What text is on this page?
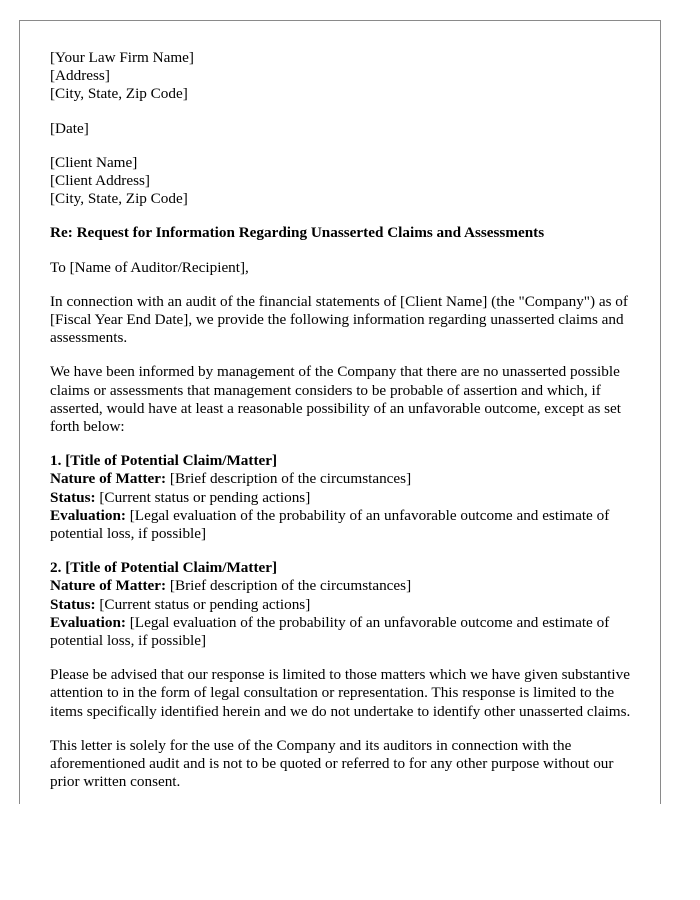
[Your Law Firm Name]
[Address]
[City, State, Zip Code]
[Date]
[Client Name]
[Client Address]
[City, State, Zip Code]
Re: Request for Information Regarding Unasserted Claims and Assessments
To [Name of Auditor/Recipient],

In connection with an audit of the financial statements of [Client Name] (the "Company") as of [Fiscal Year End Date], we provide the following information regarding unasserted claims and assessments.

We have been informed by management of the Company that there are no unasserted possible claims or assessments that management considers to be probable of assertion and which, if asserted, would have at least a reasonable possibility of an unfavorable outcome, except as set forth below:

1. [Title of Potential Claim/Matter]
Nature of Matter: [Brief description of the circumstances]
Status: [Current status or pending actions]
Evaluation: [Legal evaluation of the probability of an unfavorable outcome and estimate of potential loss, if possible]
2. [Title of Potential Claim/Matter]
Nature of Matter: [Brief description of the circumstances]
Status: [Current status or pending actions]
Evaluation: [Legal evaluation of the probability of an unfavorable outcome and estimate of potential loss, if possible]

Please be advised that our response is limited to those matters which we have given substantive attention to in the form of legal consultation or representation. This response is limited to the items specifically identified herein and we do not undertake to identify other unasserted claims.

This letter is solely for the use of the Company and its auditors in connection with the aforementioned audit and is not to be quoted or referred to for any other purpose without our prior written consent.
